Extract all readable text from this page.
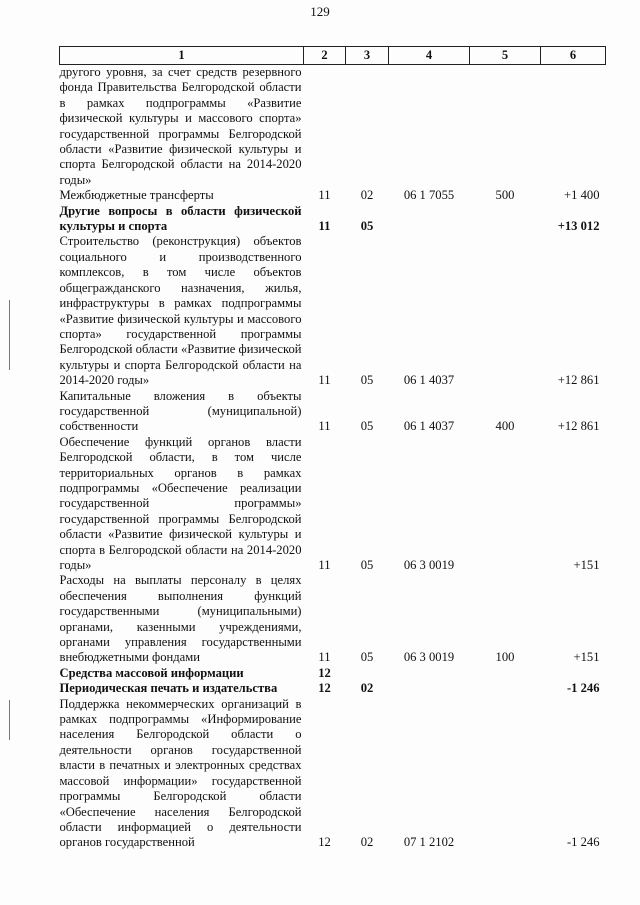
129
1	2	3	4	5	6
другого уровня, за счет средств резервного фонда Правительства Белгородской области в рамках подпрограммы «Развитие физической культуры и массового спорта» государственной программы Белгородской области «Развитие физической культуры и спорта Белгородской области на 2014-2020 годы»					
Межбюджетные трансферты	11	02	06 1 7055	500	+1 400
Другие вопросы в области физической культуры и спорта	11	05			+13 012
Строительство (реконструкция) объектов социального и производственного комплексов, в том числе объектов общегражданского назначения, жилья, инфраструктуры в рамках подпрограммы «Развитие физической культуры и массового спорта» государственной программы Белгородской области «Развитие физической культуры и спорта Белгородской области на 2014-2020 годы»	11	05	06 1 4037		+12 861
Капитальные вложения в объекты государственной (муниципальной) собственности	11	05	06 1 4037	400	+12 861
Обеспечение функций органов власти Белгородской области, в том числе территориальных органов в рамках подпрограммы «Обеспечение реализации государственной программы» государственной программы Белгородской области «Развитие физической культуры и спорта в Белгородской области на 2014-2020 годы»	11	05	06 3 0019		+151
Расходы на выплаты персоналу в целях обеспечения выполнения функций государственными (муниципальными) органами, казенными учреждениями, органами управления государственными внебюджетными фондами	11	05	06 3 0019	100	+151
Средства массовой информации	12				
Периодическая печать и издательства	12	02			-1 246
Поддержка некоммерческих организаций в рамках подпрограммы «Информирование населения Белгородской области о деятельности органов государственной власти в печатных и электронных средствах массовой информации» государственной программы Белгородской области «Обеспечение населения Белгородской области информацией о деятельности органов государственной	12	02	07 1 2102		-1 246
